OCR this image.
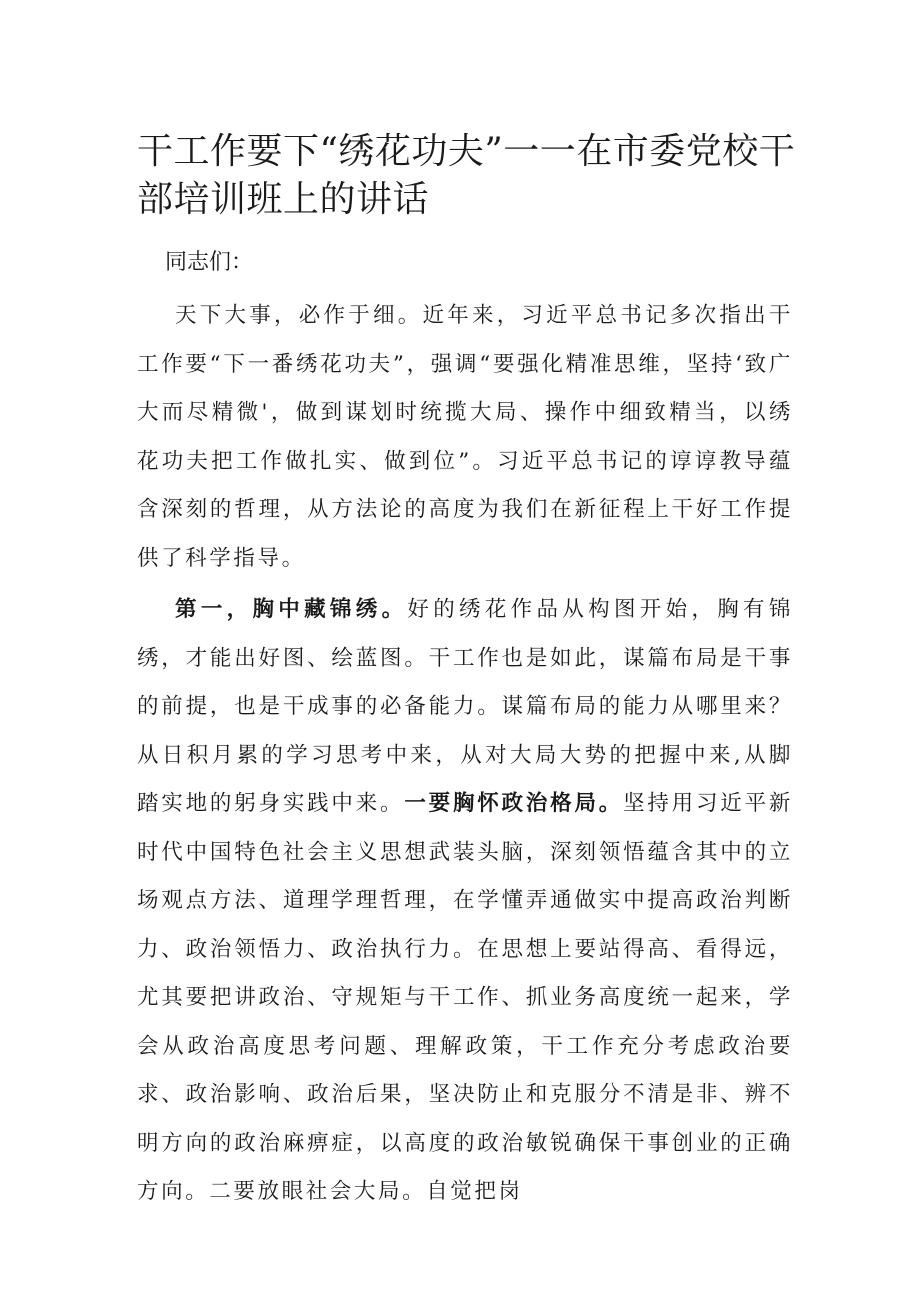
干工作要下“绣花功夫”一一在市委党校干部培训班上的讲话

同志们：

天下大事，必作于细。近年来，习近平总书记多次指出干工作要“下一番绣花功夫”，强调“要强化精准思维，坚持‘致广大而尽精微'，做到谋划时统揽大局、操作中细致精当，以绣花功夫把工作做扎实、做到位”。习近平总书记的谆谆教导蕴含深刻的哲理，从方法论的高度为我们在新征程上干好工作提供了科学指导。

第一，胸中藏锦绣。好的绣花作品从构图开始，胸有锦绣，才能出好图、绘蓝图。干工作也是如此，谋篇布局是干事的前提，也是干成事的必备能力。谋篇布局的能力从哪里来？从日积月累的学习思考中来，从对大局大势的把握中来,从脚踏实地的躬身实践中来。一要胸怀政治格局。坚持用习近平新时代中国特色社会主义思想武装头脑，深刻领悟蕴含其中的立场观点方法、道理学理哲理，在学懂弄通做实中提高政治判断力、政治领悟力、政治执行力。在思想上要站得高、看得远，尤其要把讲政治、守规矩与干工作、抓业务高度统一起来，学会从政治高度思考问题、理解政策，干工作充分考虑政治要求、政治影响、政治后果，坚决防止和克服分不清是非、辨不明方向的政治麻痹症，以高度的政治敏锐确保干事创业的正确方向。二要放眼社会大局。自觉把岗
